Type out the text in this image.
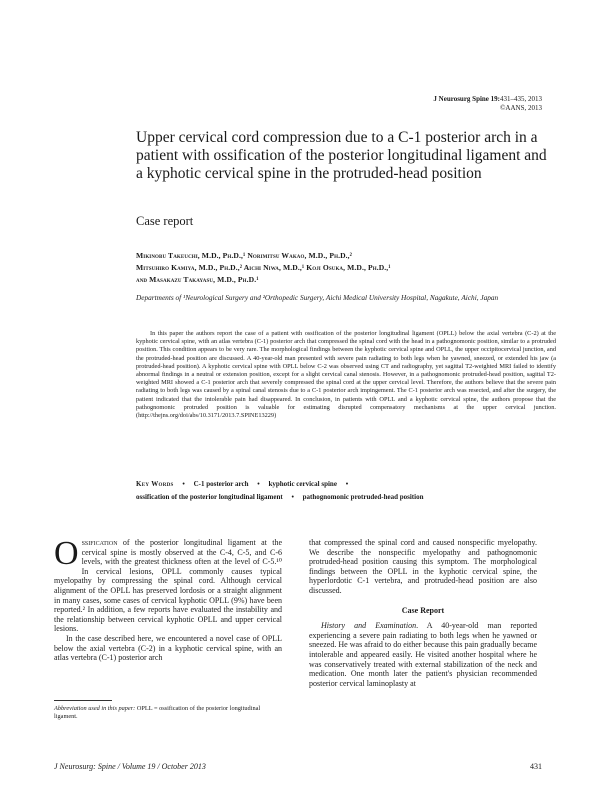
J Neurosurg Spine 19:431–435, 2013
©AANS, 2013
Upper cervical cord compression due to a C-1 posterior arch in a patient with ossification of the posterior longitudinal ligament and a kyphotic cervical spine in the protruded-head position
Case report
Mikinobu Takeuchi, M.D., Ph.D.,¹ Norimitsu Wakao, M.D., Ph.D.,²
Mitsuhiro Kamiya, M.D., Ph.D.,² Aichi Niwa, M.D.,¹ Koji Osuka, M.D., Ph.D.,¹
and Masakazu Takayasu, M.D., Ph.D.¹
Departments of ¹Neurological Surgery and ²Orthopedic Surgery, Aichi Medical University Hospital, Nagakute, Aichi, Japan

In this paper the authors report the case of a patient with ossification of the posterior longitudinal ligament (OPLL) below the axial vertebra (C-2) at the kyphotic cervical spine, with an atlas vertebra (C-1) posterior arch that compressed the spinal cord with the head in a pathognomonic position, similar to a protruded position. This condition appears to be very rare. The morphological findings between the kyphotic cervical spine and OPLL, the upper occipitocervical junction, and the protruded-head position are discussed. A 40-year-old man presented with severe pain radiating to both legs when he yawned, sneezed, or extended his jaw (a protruded-head position). A kyphotic cervical spine with OPLL below C-2 was observed using CT and radiography, yet sagittal T2-weighted MRI failed to identify abnormal findings in a neutral or extension position, except for a slight cervical canal stenosis. However, in a pathognomonic protruded-head position, sagittal T2-weighted MRI showed a C-1 posterior arch that severely compressed the spinal cord at the upper cervical level. Therefore, the authors believe that the severe pain radiating to both legs was caused by a spinal canal stenosis due to a C-1 posterior arch impingement. The C-1 posterior arch was resected, and after the surgery, the patient indicated that the intolerable pain had disappeared. In conclusion, in patients with OPLL and a kyphotic cervical spine, the authors propose that the pathognomonic protruded position is valuable for estimating disrupted compensatory mechanisms at the upper cervical junction. (http://thejns.org/doi/abs/10.3171/2013.7.SPINE13229)

Key Words • C-1 posterior arch • kyphotic cervical spine •
ossification of the posterior longitudinal ligament • pathognomonic protruded-head position

Ossification of the posterior longitudinal ligament at the cervical spine is mostly observed at the C-4, C-5, and C-6 levels, with the greatest thickness often at the level of C-5.¹⁰ In cervical lesions, OPLL commonly causes typical myelopathy by compressing the spinal cord. Although cervical alignment of the OPLL has preserved lordosis or a straight alignment in many cases, some cases of cervical kyphotic OPLL (9%) have been reported.² In addition, a few reports have evaluated the instability and the relationship between cervical kyphotic OPLL and upper cervical lesions.

In the case described here, we encountered a novel case of OPLL below the axial vertebra (C-2) in a kyphotic cervical spine, with an atlas vertebra (C-1) posterior arch

that compressed the spinal cord and caused nonspecific myelopathy. We describe the nonspecific myelopathy and pathognomonic protruded-head position causing this symptom. The morphological findings between the OPLL in the kyphotic cervical spine, the hyperlordotic C-1 vertebra, and protruded-head position are also discussed.

Case Report

History and Examination. A 40-year-old man reported experiencing a severe pain radiating to both legs when he yawned or sneezed. He was afraid to do either because this pain gradually became intolerable and appeared easily. He visited another hospital where he was conservatively treated with external stabilization of the neck and medication. One month later the patient's physician recommended posterior cervical laminoplasty at

Abbreviation used in this paper: OPLL = ossification of the posterior longitudinal ligament.
J Neurosurg: Spine / Volume 19 / October 2013	431
